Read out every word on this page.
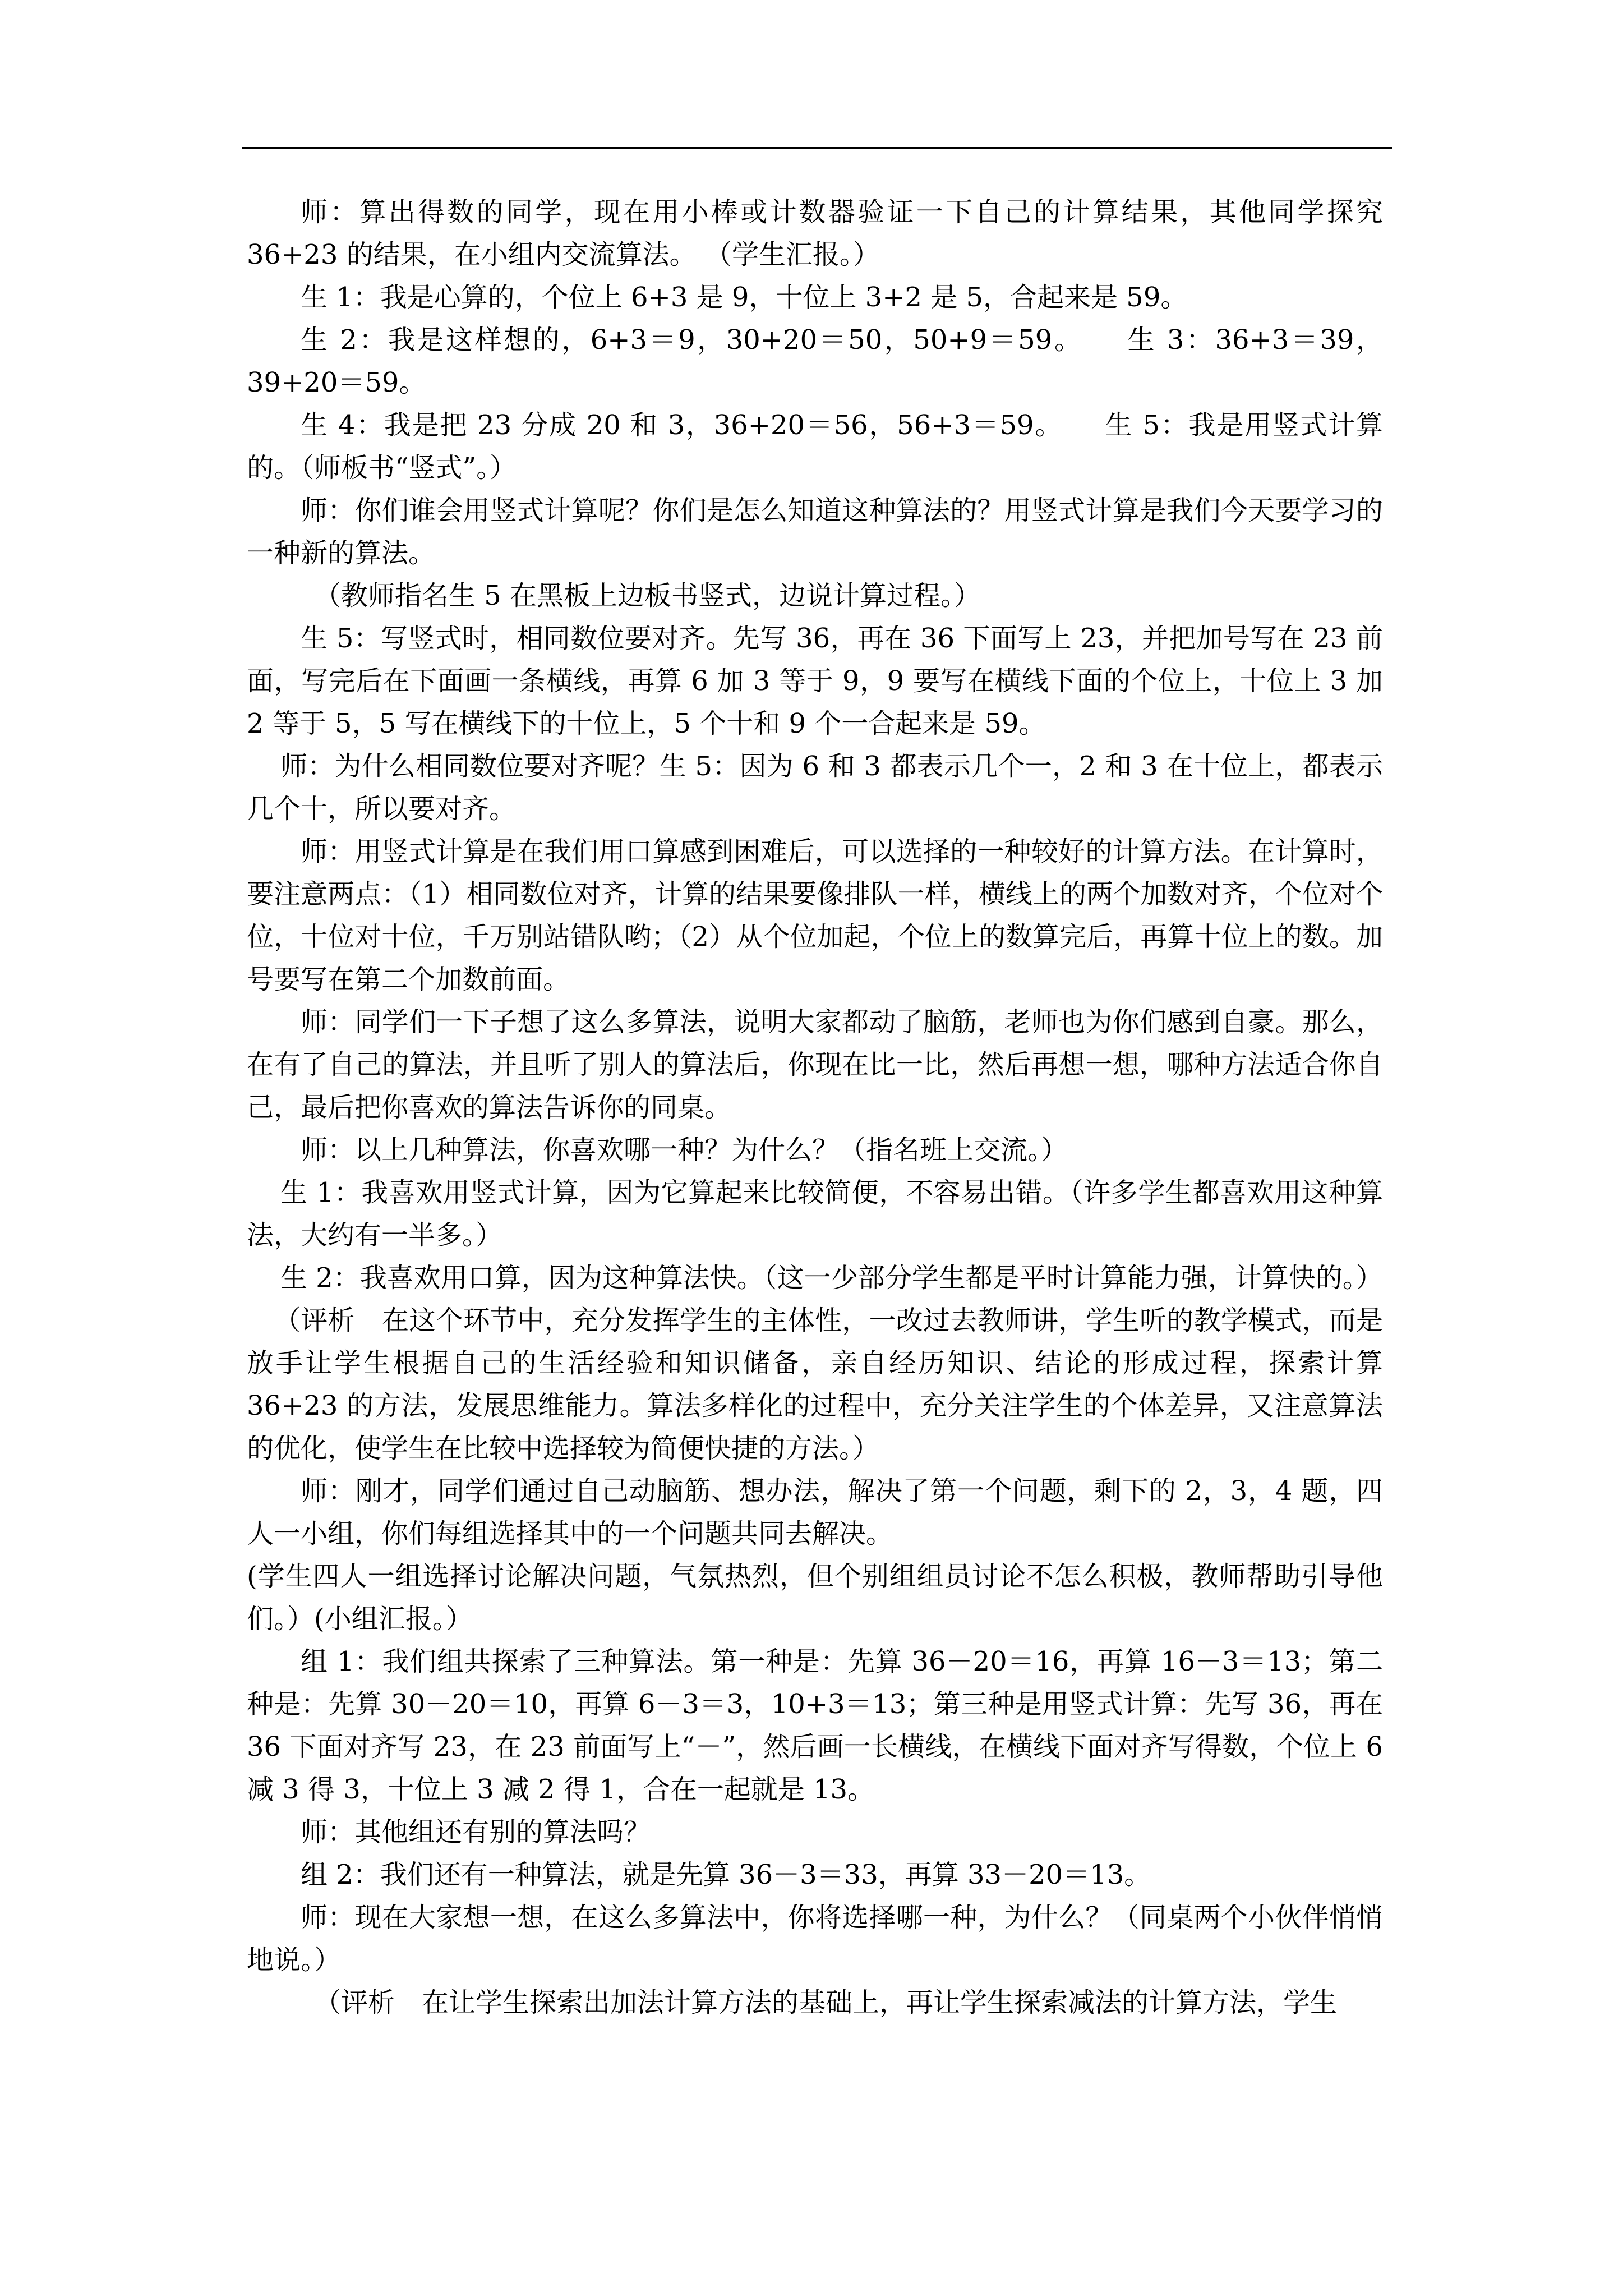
师：算出得数的同学，现在用小棒或计数器验证一下自己的计算结果，其他同学探究 36+23 的结果，在小组内交流算法。 （学生汇报。）

生 1：我是心算的，个位上 6+3 是 9，十位上 3+2 是 5，合起来是 59。

生 2：我是这样想的，6+3＝9，30+20＝50，50+9＝59。　　生 3：36+3＝39，39+20＝59。

生 4：我是把 23 分成 20 和 3，36+20＝56，56+3＝59。　　生 5：我是用竖式计算的。（师板书“竖式”。）

师：你们谁会用竖式计算呢？你们是怎么知道这种算法的？用竖式计算是我们今天要学习的一种新的算法。

（教师指名生 5 在黑板上边板书竖式，边说计算过程。）

生 5：写竖式时，相同数位要对齐。先写 36，再在 36 下面写上 23，并把加号写在 23 前面，写完后在下面画一条横线，再算 6 加 3 等于 9，9 要写在横线下面的个位上，十位上 3 加 2 等于 5，5 写在横线下的十位上，5 个十和 9 个一合起来是 59。

师：为什么相同数位要对齐呢？生 5：因为 6 和 3 都表示几个一，2 和 3 在十位上，都表示几个十，所以要对齐。

师：用竖式计算是在我们用口算感到困难后，可以选择的一种较好的计算方法。在计算时，要注意两点：（1）相同数位对齐，计算的结果要像排队一样，横线上的两个加数对齐，个位对个位，十位对十位，千万别站错队哟；（2）从个位加起，个位上的数算完后，再算十位上的数。加号要写在第二个加数前面。

师：同学们一下子想了这么多算法，说明大家都动了脑筋，老师也为你们感到自豪。那么，在有了自己的算法，并且听了别人的算法后，你现在比一比，然后再想一想，哪种方法适合你自己，最后把你喜欢的算法告诉你的同桌。

师：以上几种算法，你喜欢哪一种？为什么？（指名班上交流。）

生 1：我喜欢用竖式计算，因为它算起来比较简便，不容易出错。（许多学生都喜欢用这种算法，大约有一半多。）

生 2：我喜欢用口算，因为这种算法快。（这一少部分学生都是平时计算能力强，计算快的。）

（评析　在这个环节中，充分发挥学生的主体性，一改过去教师讲，学生听的教学模式，而是放手让学生根据自己的生活经验和知识储备，亲自经历知识、结论的形成过程，探索计算 36+23 的方法，发展思维能力。算法多样化的过程中，充分关注学生的个体差异，又注意算法的优化，使学生在比较中选择较为简便快捷的方法。）

师：刚才，同学们通过自己动脑筋、想办法，解决了第一个问题，剩下的 2，3，4 题，四人一小组，你们每组选择其中的一个问题共同去解决。

(学生四人一组选择讨论解决问题，气氛热烈，但个别组组员讨论不怎么积极，教师帮助引导他们。）(小组汇报。）

组 1：我们组共探索了三种算法。第一种是：先算 36－20＝16，再算 16－3＝13；第二种是：先算 30－20＝10，再算 6－3＝3，10+3＝13；第三种是用竖式计算：先写 36，再在 36 下面对齐写 23，在 23 前面写上“－”，然后画一长横线，在横线下面对齐写得数，个位上 6 减 3 得 3，十位上 3 减 2 得 1，合在一起就是 13。

师：其他组还有别的算法吗？

组 2：我们还有一种算法，就是先算 36－3＝33，再算 33－20＝13。

师：现在大家想一想，在这么多算法中，你将选择哪一种，为什么？（同桌两个小伙伴悄悄地说。）

（评析　在让学生探索出加法计算方法的基础上，再让学生探索减法的计算方法，学生
